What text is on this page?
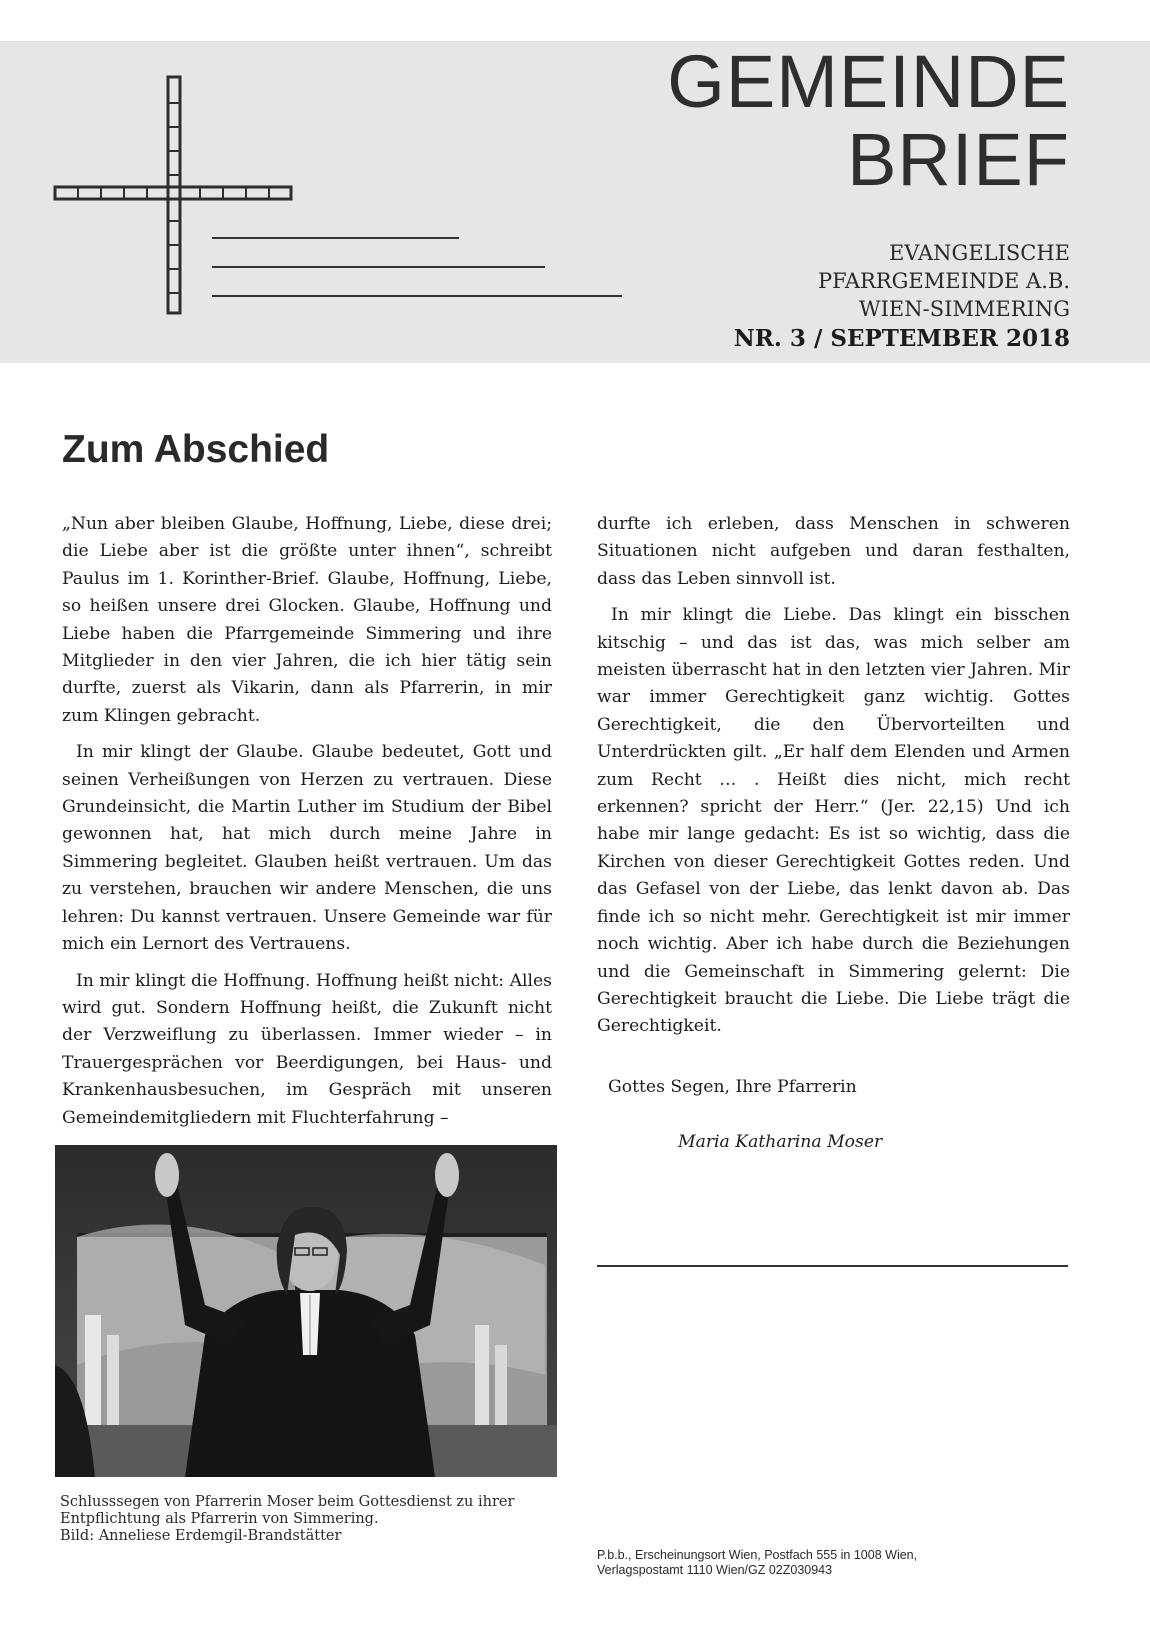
GEMEINDE
BRIEF
EVANGELISCHE
PFARRGEMEINDE A.B.
WIEN-SIMMERING
NR. 3 / SEPTEMBER 2018
Zum Abschied

„Nun aber bleiben Glaube, Hoffnung, Liebe, diese drei; die Liebe aber ist die größte unter ihnen“, schreibt Paulus im 1. Korinther-Brief. Glaube, Hoffnung, Liebe, so heißen unsere drei Glocken. Glaube, Hoffnung und Liebe haben die Pfarrgemeinde Simmering und ihre Mitglieder in den vier Jahren, die ich hier tätig sein durfte, zuerst als Vikarin, dann als Pfarrerin, in mir zum Klingen gebracht.

In mir klingt der Glaube. Glaube bedeutet, Gott und seinen Verheißungen von Herzen zu vertrauen. Diese Grundeinsicht, die Martin Luther im Studium der Bibel gewonnen hat, hat mich durch meine Jahre in Simmering begleitet. Glauben heißt vertrauen. Um das zu verstehen, brauchen wir andere Menschen, die uns lehren: Du kannst vertrauen. Unsere Gemeinde war für mich ein Lernort des Vertrauens.

In mir klingt die Hoffnung. Hoffnung heißt nicht: Alles wird gut. Sondern Hoffnung heißt, die Zukunft nicht der Verzweiflung zu überlassen. Immer wieder – in Trauergesprächen vor Beerdigungen, bei Haus- und Krankenhausbesuchen, im Gespräch mit unseren Gemeindemitgliedern mit Fluchterfahrung –

durfte ich erleben, dass Menschen in schweren Situationen nicht aufgeben und daran festhalten, dass das Leben sinnvoll ist.

In mir klingt die Liebe. Das klingt ein bisschen kitschig – und das ist das, was mich selber am meisten überrascht hat in den letzten vier Jahren. Mir war immer Gerechtigkeit ganz wichtig. Gottes Gerechtigkeit, die den Übervorteilten und Unterdrückten gilt. „Er half dem Elenden und Armen zum Recht … . Heißt dies nicht, mich recht erkennen? spricht der Herr.“ (Jer. 22,15) Und ich habe mir lange gedacht: Es ist so wichtig, dass die Kirchen von dieser Gerechtigkeit Gottes reden. Und das Gefasel von der Liebe, das lenkt davon ab. Das finde ich so nicht mehr. Gerechtigkeit ist mir immer noch wichtig. Aber ich habe durch die Beziehungen und die Gemeinschaft in Simmering gelernt: Die Gerechtigkeit braucht die Liebe. Die Liebe trägt die Gerechtigkeit.

Gottes Segen, Ihre Pfarrerin
Maria Katharina Moser
Schlusssegen von Pfarrerin Moser beim Gottesdienst zu ihrer
Entpflichtung als Pfarrerin von Simmering.
Bild: Anneliese Erdemgil-Brandstätter
P.b.b., Erscheinungsort Wien, Postfach 555 in 1008 Wien,
Verlagspostamt 1110 Wien/GZ 02Z030943
